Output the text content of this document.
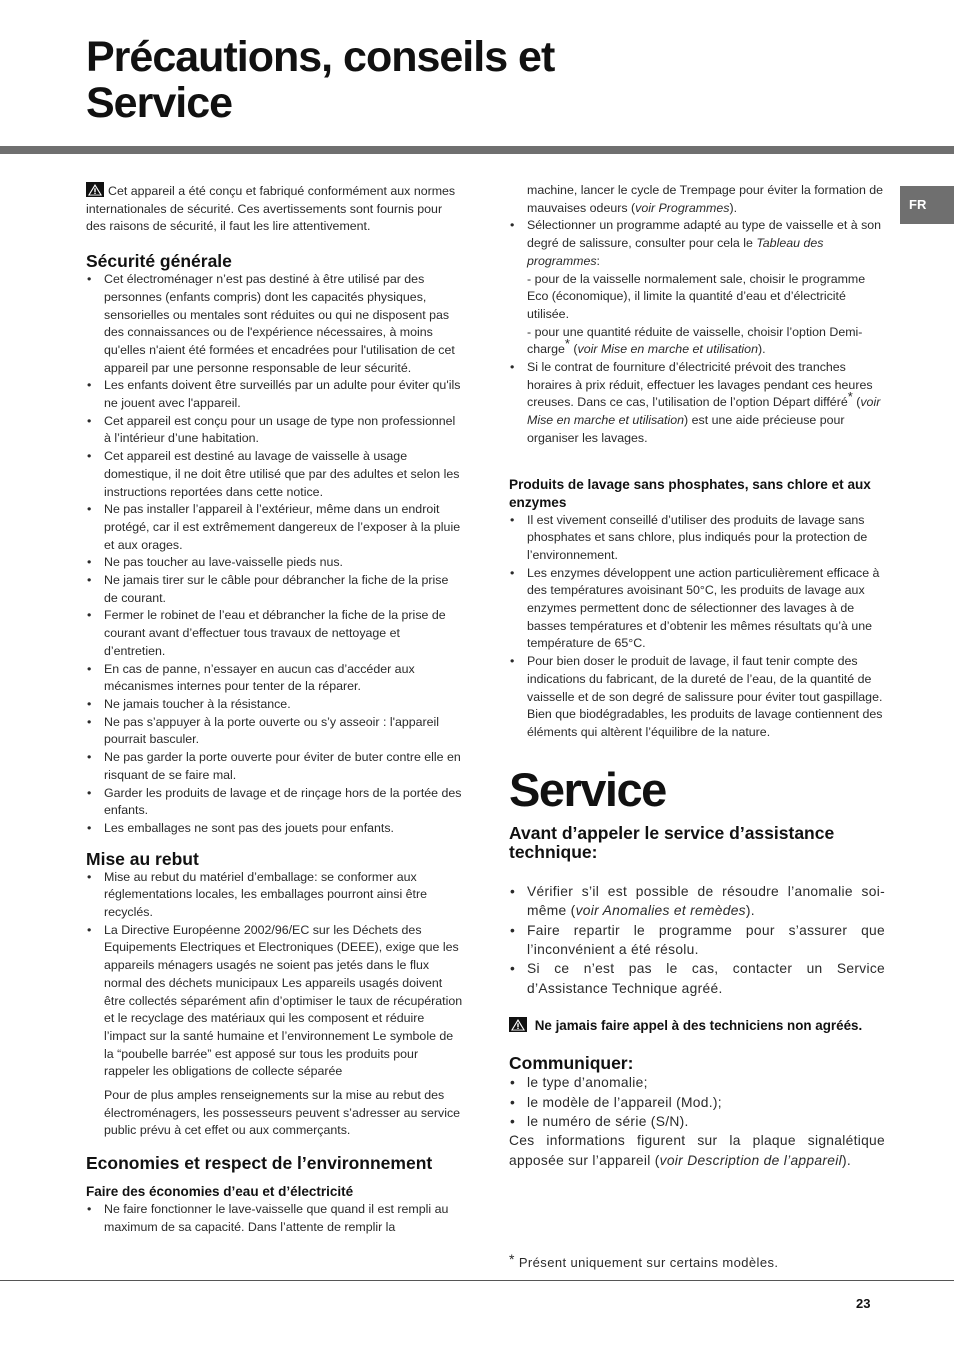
Précautions, conseils et
Service
FR

Cet appareil a été conçu et fabriqué conformément aux normes internationales de sécurité. Ces avertissements sont fournis pour des raisons de sécurité, il faut les lire attentivement.

Sécurité générale
• Cet électroménager n’est pas destiné à être utilisé par des personnes (enfants compris) dont les capacités physiques, sensorielles ou mentales sont réduites ou qui ne disposent pas des connaissances ou de l'expérience nécessaires, à moins qu'elles n'aient été formées et encadrées pour l'utilisation de cet appareil par une personne responsable de leur sécurité.
• Les enfants doivent être surveillés par un adulte pour éviter qu'ils ne jouent avec l'appareil.
• Cet appareil est conçu pour un usage de type non professionnel à l’intérieur d’une habitation.
• Cet appareil est destiné au lavage de vaisselle à usage domestique, il ne doit être utilisé que par des adultes et selon les instructions reportées dans cette notice.
• Ne pas installer l’appareil à l’extérieur, même dans un endroit protégé, car il est extrêmement dangereux de l’exposer à la pluie et aux orages.
• Ne pas toucher au lave-vaisselle pieds nus.
• Ne jamais tirer sur le câble pour débrancher la fiche de la prise de courant.
• Fermer le robinet de l’eau et débrancher la fiche de la prise de courant avant d’effectuer tous travaux de nettoyage et d’entretien.
• En cas de panne, n’essayer en aucun cas d’accéder aux mécanismes internes pour tenter de la réparer.
• Ne jamais toucher à la résistance.
• Ne pas s’appuyer à la porte ouverte ou s’y asseoir : l'appareil pourrait basculer.
• Ne pas garder la porte ouverte pour éviter de buter contre elle en risquant de se faire mal.
• Garder les produits de lavage et de rinçage hors de la portée des enfants.
• Les emballages ne sont pas des jouets pour enfants.
Mise au rebut
• Mise au rebut du matériel d’emballage: se conformer aux réglementations locales, les emballages pourront ainsi être recyclés.
• La Directive Européenne 2002/96/EC sur les Déchets des Equipements Electriques et Electroniques (DEEE), exige que les appareils ménagers usagés ne soient pas jetés dans le flux normal des déchets municipaux Les appareils usagés doivent être collectés séparément afin d’optimiser le taux de récupération et le recyclage des matériaux qui les composent et réduire l’impact sur la santé humaine et l’environnement Le symbole de la “poubelle barrée” est apposé sur tous les produits pour rappeler les obligations de collecte séparée

Pour de plus amples renseignements sur la mise au rebut des électroménagers, les possesseurs peuvent s’adresser au service public prévu à cet effet ou aux commerçants.

Economies et respect de l’environnement
Faire des économies d’eau et d’électricité
• Ne faire fonctionner le lave-vaisselle que quand il est rempli au maximum de sa capacité. Dans l’attente de remplir la

machine, lancer le cycle de Trempage pour éviter la formation de mauvaises odeurs (voir Programmes).

• Sélectionner un programme adapté au type de vaisselle et à son degré de salissure, consulter pour cela le Tableau des programmes:
- pour de la vaisselle normalement sale, choisir le programme Eco (économique), il limite la quantité d’eau et d’électricité utilisée.
- pour une quantité réduite de vaisselle, choisir l’option Demi-charge* (voir Mise en marche et utilisation).
• Si le contrat de fourniture d’électricité prévoit des tranches horaires à prix réduit, effectuer les lavages pendant ces heures creuses. Dans ce cas, l’utilisation de l’option Départ différé* (voir Mise en marche et utilisation) est une aide précieuse pour organiser les lavages.
Produits de lavage sans phosphates, sans chlore et aux enzymes
• Il est vivement conseillé d’utiliser des produits de lavage sans phosphates et sans chlore, plus indiqués pour la protection de l’environnement.
• Les enzymes développent une action particulièrement efficace à des températures avoisinant 50°C, les produits de lavage aux enzymes permettent donc de sélectionner des lavages à de basses températures et d’obtenir les mêmes résultats qu’à une température de 65°C.
• Pour bien doser le produit de lavage, il faut tenir compte des indications du fabricant, de la dureté de l’eau, de la quantité de vaisselle et de son degré de salissure pour éviter tout gaspillage. Bien que biodégradables, les produits de lavage contiennent des éléments qui altèrent l’équilibre de la nature.
Service
Avant d’appeler le service d’assistance technique:
• Vérifier s’il est possible de résoudre l’anomalie soi-même (voir Anomalies et remèdes).
• Faire repartir le programme pour s’assurer que l’inconvénient a été résolu.
• Si ce n’est pas le cas, contacter un Service d’Assistance Technique agréé.

Ne jamais faire appel à des techniciens non agréés.

Communiquer:
• le type d’anomalie;
• le modèle de l’appareil (Mod.);
• le numéro de série (S/N).

Ces informations figurent sur la plaque signalétique apposée sur l’appareil (voir Description de l’appareil).

* Présent uniquement sur certains modèles.
23
